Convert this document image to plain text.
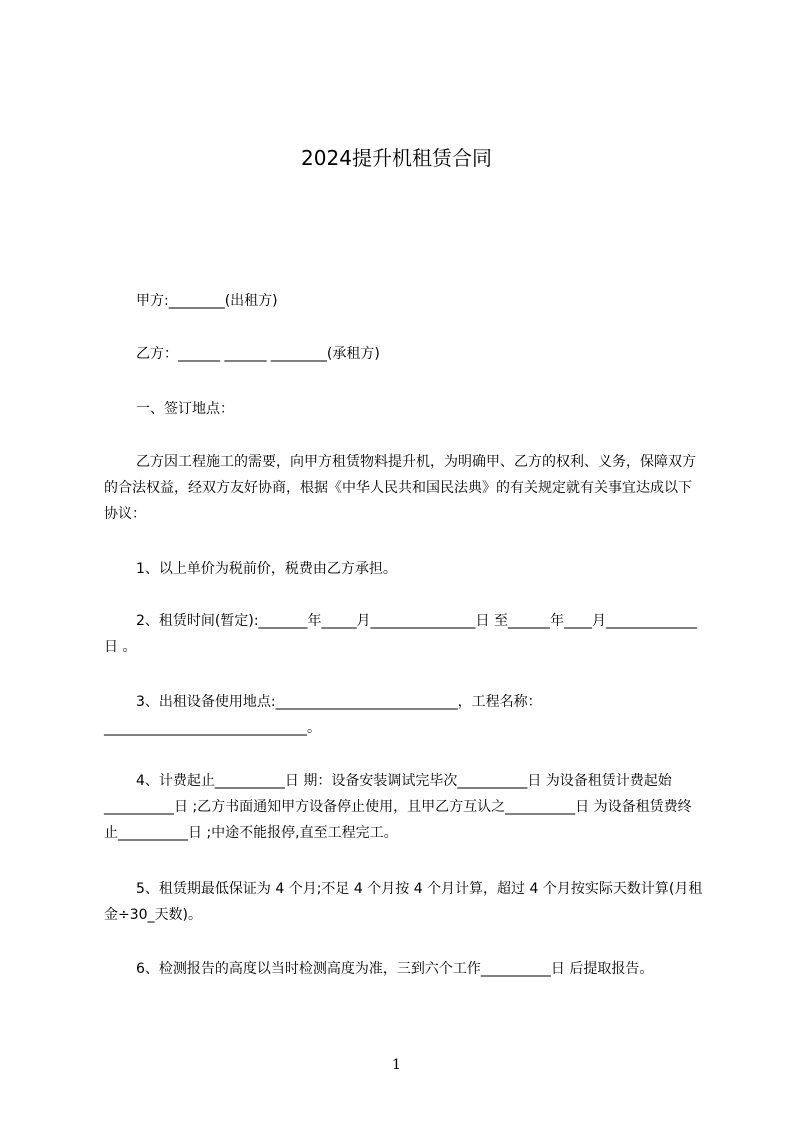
2024提升机租赁合同
甲方:________(出租方)
乙方：______ ______ ________(承租方)
一、签订地点：
乙方因工程施工的需要，向甲方租赁物料提升机，为明确甲、乙方的权利、义务，保障双方的合法权益，经双方友好协商，根据《中华人民共和国民法典》的有关规定就有关事宜达成以下协议：
1、以上单价为税前价，税费由乙方承担。
2、租赁时间(暂定):_______年_____月_______________日 至______年____月_____________日 。
3、出租设备使用地点:__________________________，工程名称：_____________________________。
4、计费起止__________日 期：设备安装调试完毕次__________日 为设备租赁计费起始__________日 ;乙方书面通知甲方设备停止使用，且甲乙方互认之__________日 为设备租赁费终止__________日 ;中途不能报停,直至工程完工。
5、租赁期最低保证为 4 个月;不足 4 个月按 4 个月计算，超过 4 个月按实际天数计算(月租金÷30_天数)。
6、检测报告的高度以当时检测高度为准，三到六个工作__________日 后提取报告。
1
